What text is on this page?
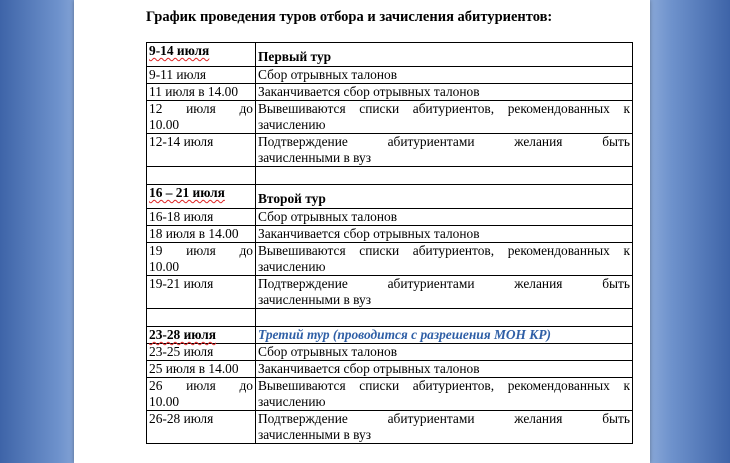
График проведения туров отбора и зачисления абитуриентов:
9-14 июля	Первый тур
9-11 июля	Сбор отрывных талонов
11 июля в 14.00	Заканчивается сбор отрывных талонов

12 июля до
10.00	Вывешиваются списки абитуриентов, рекомендованных к
зачислению
12-14 июля	Подтверждение абитуриентами желания быть
зачисленными в вуз

16 – 21 июля	Второй тур
16-18 июля	Сбор отрывных талонов
18 июля в 14.00	Заканчивается сбор отрывных талонов

19 июля до
10.00	Вывешиваются списки абитуриентов, рекомендованных к
зачислению
19-21 июля	Подтверждение абитуриентами желания быть
зачисленными в вуз

23-28 июля	Третий тур (проводится с разрешения МОН КР)
23-25 июля	Сбор отрывных талонов
25 июля в 14.00	Заканчивается сбор отрывных талонов

26 июля до
10.00	Вывешиваются списки абитуриентов, рекомендованных к
зачислению
26-28 июля	Подтверждение абитуриентами желания быть
зачисленными в вуз
